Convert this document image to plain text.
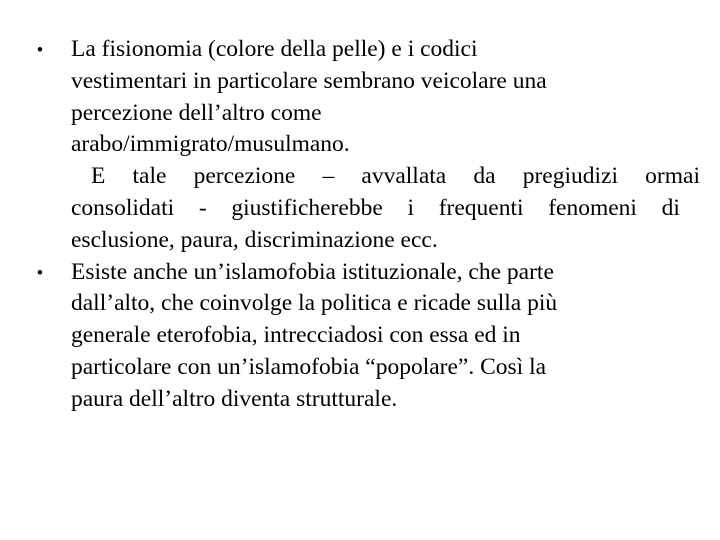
• La fisionomia (colore della pelle) e i codici
vestimentari in particolare sembrano veicolare una
percezione dell’altro come
arabo/immigrato/musulmano.
E tale percezione – avvallata da pregiudizi ormai
consolidati - giustificherebbe i frequenti fenomeni di
esclusione, paura, discriminazione ecc.
• Esiste anche un’islamofobia istituzionale, che parte
dall’alto, che coinvolge la politica e ricade sulla più
generale eterofobia, intrecciadosi con essa ed in
particolare con un’islamofobia “popolare”. Così la
paura dell’altro diventa strutturale.
